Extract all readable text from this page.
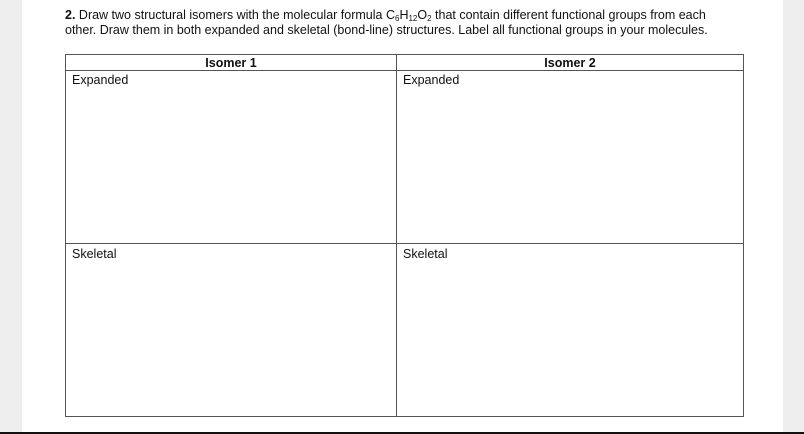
2. Draw two structural isomers with the molecular formula $C_6H_{12}O_2$ that contain different functional groups from each
other. Draw them in both expanded and skeletal (bond-line) structures. Label all functional groups in your molecules.
Isomer 1	Isomer 2
Expanded	Expanded
Skeletal	Skeletal
